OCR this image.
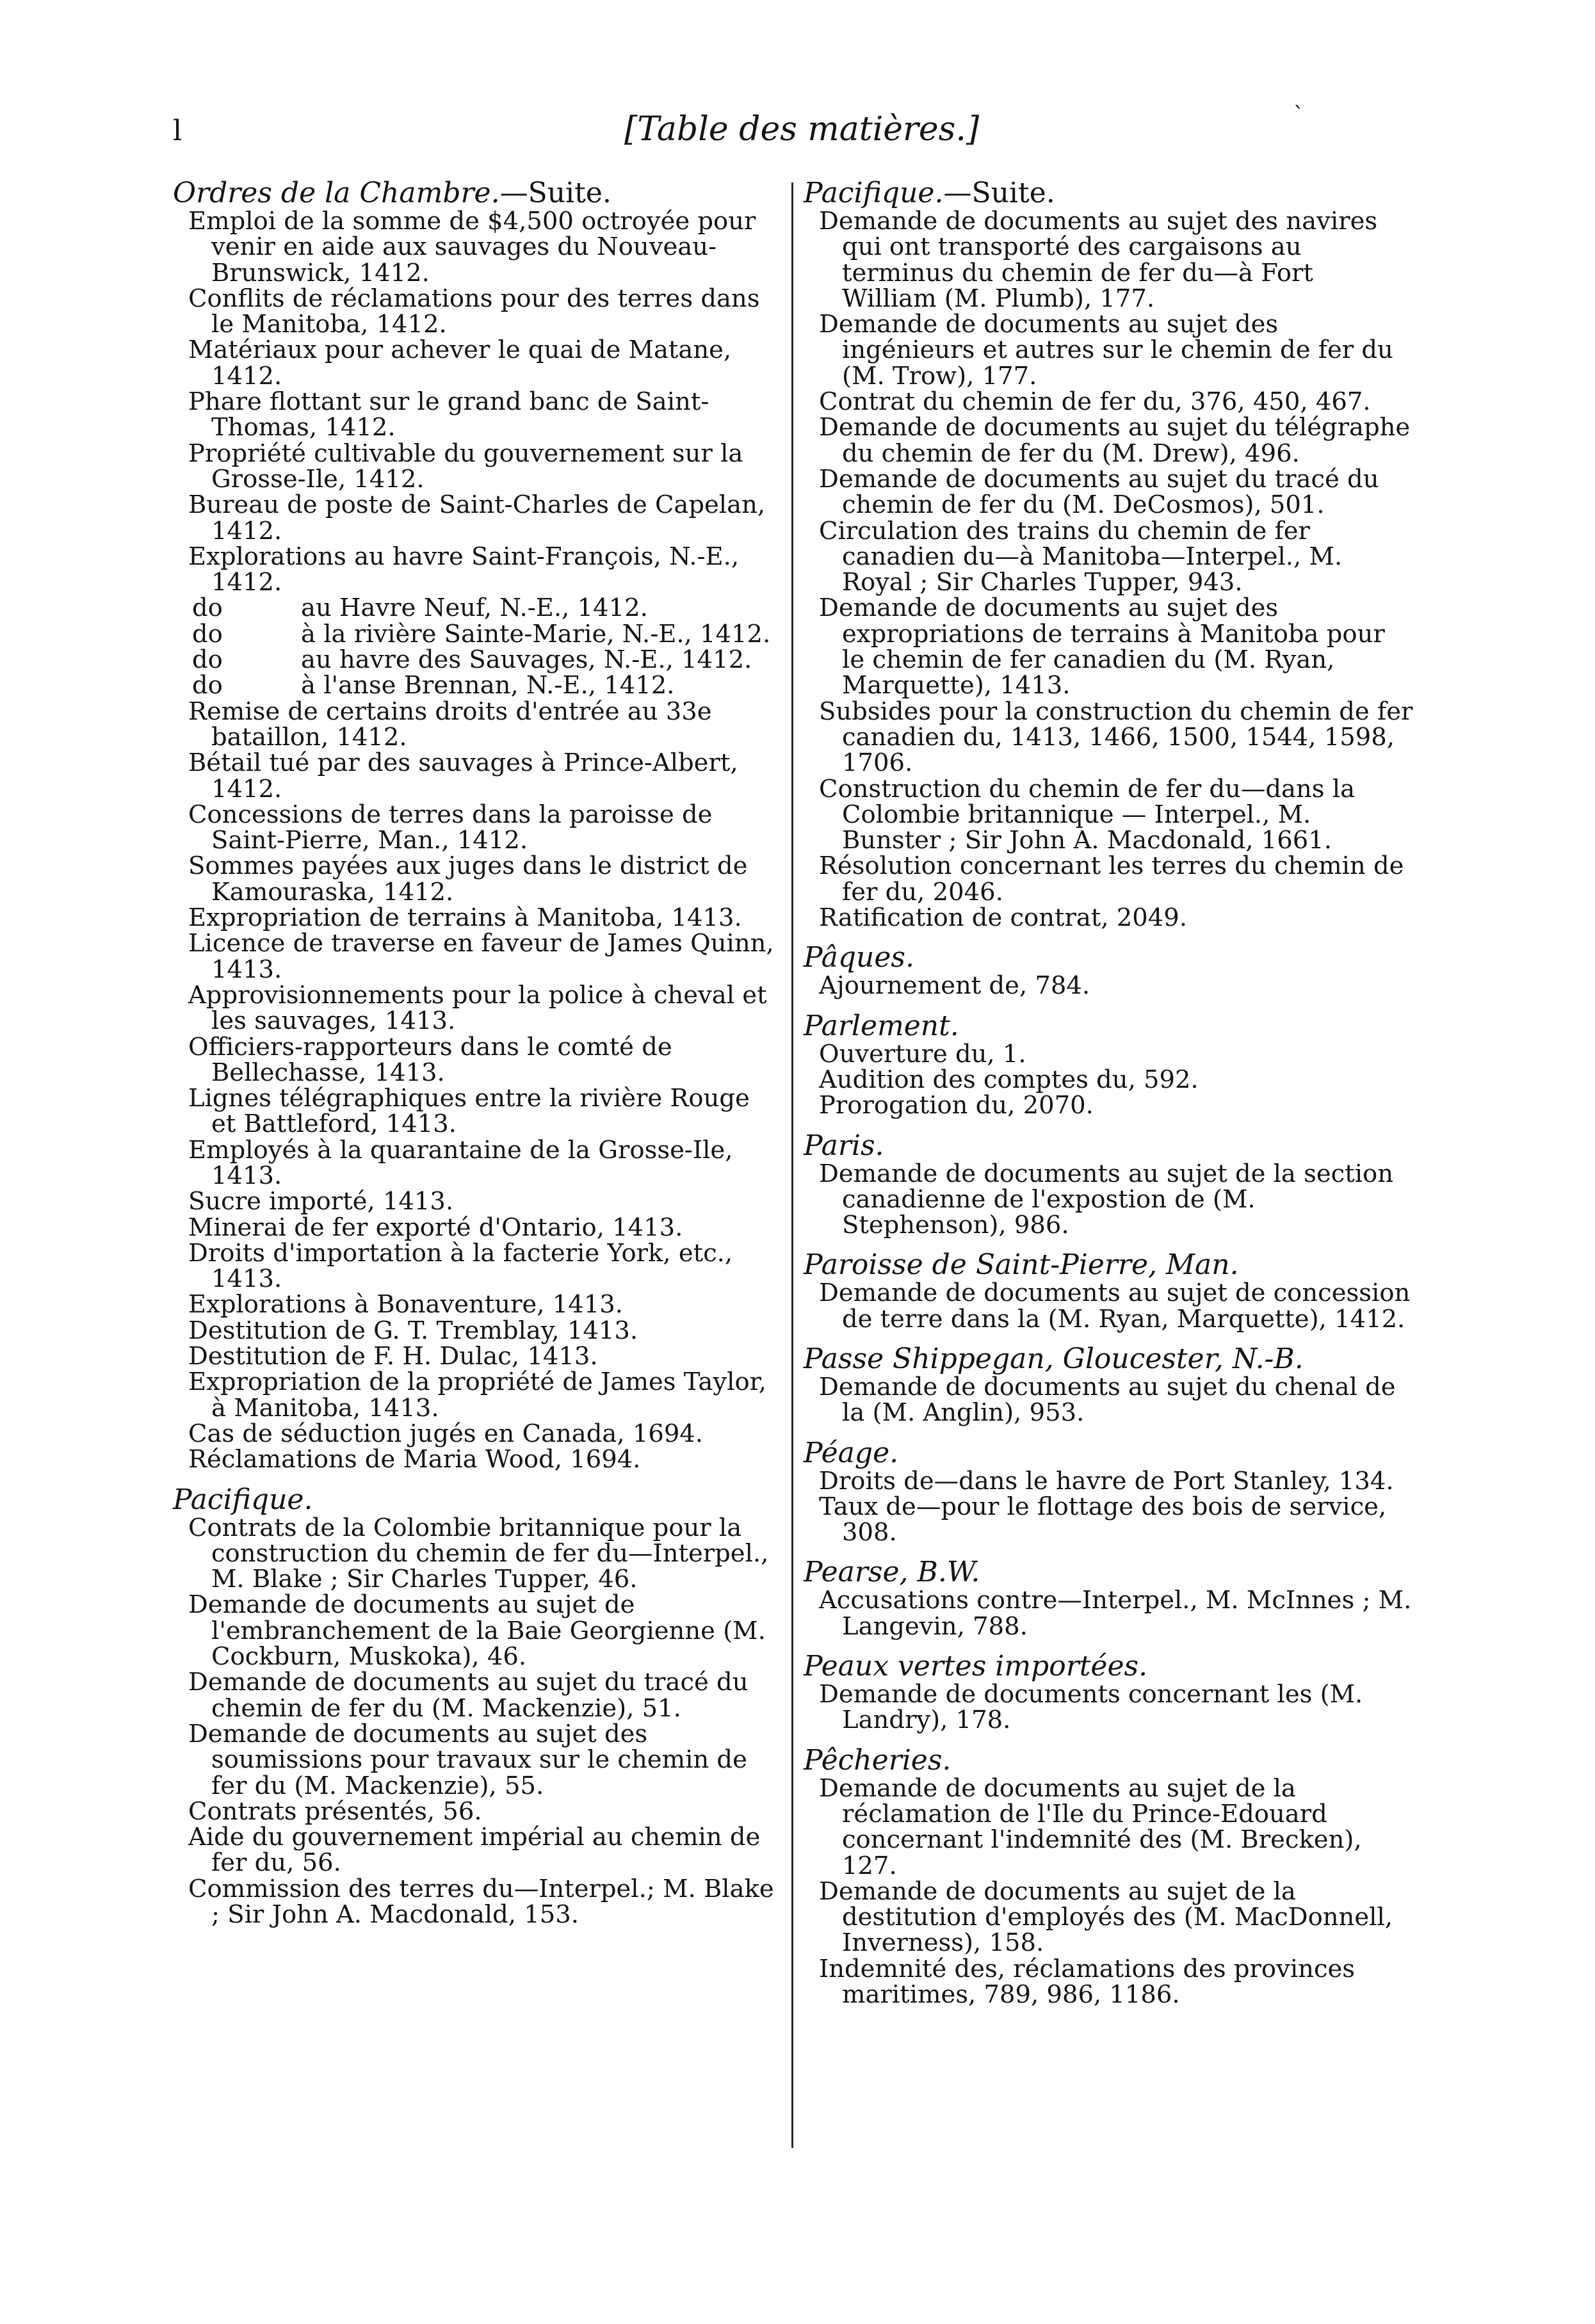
l	[Table des matières.]	`
Ordres de la Chambre.—Suite.
Emploi de la somme de $4,500 octroyée pour venir en aide aux sauvages du Nouveau-Brunswick, 1412.
Conflits de réclamations pour des terres dans le Manitoba, 1412.
Matériaux pour achever le quai de Matane, 1412.
Phare flottant sur le grand banc de Saint-Thomas, 1412.
Propriété cultivable du gouvernement sur la Grosse-Ile, 1412.
Bureau de poste de Saint-Charles de Capelan, 1412.
Explorations au havre Saint-François, N.-E., 1412.
do	au Havre Neuf, N.-E., 1412.
do	à la rivière Sainte-Marie, N.-E., 1412.
do	au havre des Sauvages, N.-E., 1412.
do	à l'anse Brennan, N.-E., 1412.
Remise de certains droits d'entrée au 33e bataillon, 1412.
Bétail tué par des sauvages à Prince-Albert, 1412.
Concessions de terres dans la paroisse de Saint-Pierre, Man., 1412.
Sommes payées aux juges dans le district de Kamouraska, 1412.
Expropriation de terrains à Manitoba, 1413.
Licence de traverse en faveur de James Quinn, 1413.
Approvisionnements pour la police à cheval et les sauvages, 1413.
Officiers-rapporteurs dans le comté de Bellechasse, 1413.
Lignes télégraphiques entre la rivière Rouge et Battleford, 1413.
Employés à la quarantaine de la Grosse-Ile, 1413.
Sucre importé, 1413.
Minerai de fer exporté d'Ontario, 1413.
Droits d'importation à la facterie York, etc., 1413.
Explorations à Bonaventure, 1413.
Destitution de G. T. Tremblay, 1413.
Destitution de F. H. Dulac, 1413.
Expropriation de la propriété de James Taylor, à Manitoba, 1413.
Cas de séduction jugés en Canada, 1694.
Réclamations de Maria Wood, 1694.
Pacifique.
Contrats de la Colombie britannique pour la construction du chemin de fer du—Interpel., M. Blake ; Sir Charles Tupper, 46.
Demande de documents au sujet de l'embranchement de la Baie Georgienne (M. Cockburn, Muskoka), 46.
Demande de documents au sujet du tracé du chemin de fer du (M. Mackenzie), 51.
Demande de documents au sujet des soumissions pour travaux sur le chemin de fer du (M. Mackenzie), 55.
Contrats présentés, 56.
Aide du gouvernement impérial au chemin de fer du, 56.
Commission des terres du—Interpel.; M. Blake ; Sir John A. Macdonald, 153.
Pacifique.—Suite.
Demande de documents au sujet des navires qui ont transporté des cargaisons au terminus du chemin de fer du—à Fort William (M. Plumb), 177.
Demande de documents au sujet des ingénieurs et autres sur le chemin de fer du (M. Trow), 177.
Contrat du chemin de fer du, 376, 450, 467.
Demande de documents au sujet du télégraphe du chemin de fer du (M. Drew), 496.
Demande de documents au sujet du tracé du chemin de fer du (M. DeCosmos), 501.
Circulation des trains du chemin de fer canadien du—à Manitoba—Interpel., M. Royal ; Sir Charles Tupper, 943.
Demande de documents au sujet des expropriations de terrains à Manitoba pour le chemin de fer canadien du (M. Ryan, Marquette), 1413.
Subsides pour la construction du chemin de fer canadien du, 1413, 1466, 1500, 1544, 1598, 1706.
Construction du chemin de fer du—dans la Colombie britannique — Interpel., M. Bunster ; Sir John A. Macdonald, 1661.
Résolution concernant les terres du chemin de fer du, 2046.
Ratification de contrat, 2049.
Pâques.
Ajournement de, 784.
Parlement.
Ouverture du, 1.
Audition des comptes du, 592.
Prorogation du, 2070.
Paris.
Demande de documents au sujet de la section canadienne de l'expostion de (M. Stephenson), 986.
Paroisse de Saint-Pierre, Man.
Demande de documents au sujet de concession de terre dans la (M. Ryan, Marquette), 1412.
Passe Shippegan, Gloucester, N.-B.
Demande de documents au sujet du chenal de la (M. Anglin), 953.
Péage.
Droits de—dans le havre de Port Stanley, 134.
Taux de—pour le flottage des bois de service, 308.
Pearse, B.W.
Accusations contre—Interpel., M. McInnes ; M. Langevin, 788.
Peaux vertes importées.
Demande de documents concernant les (M. Landry), 178.
Pêcheries.
Demande de documents au sujet de la réclamation de l'Ile du Prince-Edouard concernant l'indemnité des (M. Brecken), 127.
Demande de documents au sujet de la destitution d'employés des (M. MacDonnell, Inverness), 158.
Indemnité des, réclamations des provinces maritimes, 789, 986, 1186.
